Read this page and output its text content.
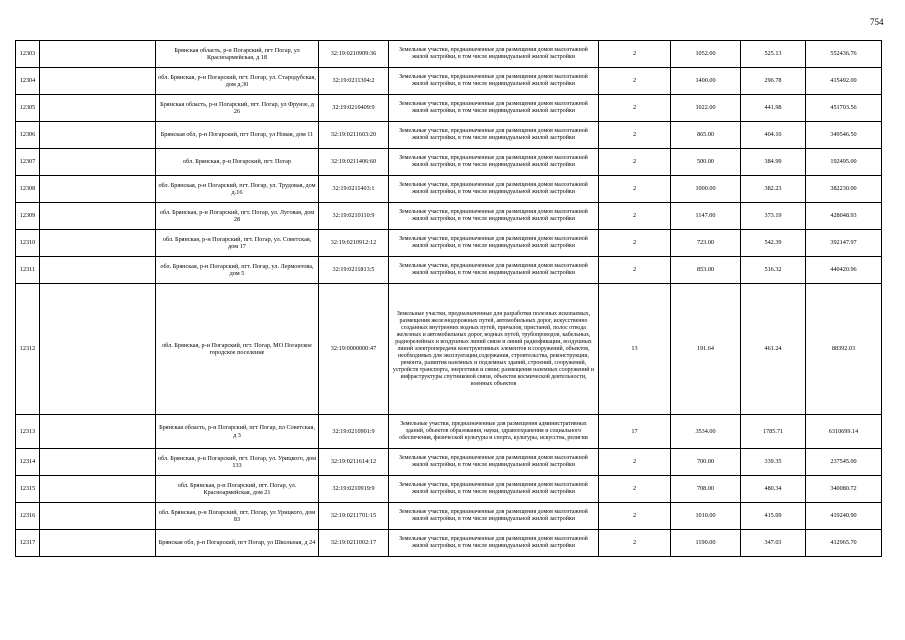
754
12303		Брянская область, р-н Погарский, пгт Погар, ул Красноармейская, д 18	32:19:0210909:36	Земельные участки, предназначенные для размещения домов малоэтажной жилой застройки, в том числе индивидуальной жилой застройки	2	1052.00	525.13	552436.76
12304		обл. Брянская, р-н Погарский, пгт. Погар, ул. Стародубская, дом д.30	32:19:0211304:2	Земельные участки, предназначенные для размещения домов малоэтажной жилой застройки, в том числе индивидуальной жилой застройки	2	1400.00	296.78	415492.00
12305		Брянская область, р-н Погарский, пгт. Погар, ул Фрунзе, д 26	32:19:0210409:9	Земельные участки, предназначенные для размещения домов малоэтажной жилой застройки, в том числе индивидуальной жилой застройки	2	1022.00	441.98	451703.56
12306		Брянская обл, р-н Погарский, пгт Погар, ул Новая, дом 11	32:19:0211603:20	Земельные участки, предназначенные для размещения домов малоэтажной жилой застройки, в том числе индивидуальной жилой застройки	2	865.00	404.10	349546.50
12307		обл. Брянская, р-н Погарский, пгт. Погар	32:19:0211406:60	Земельные участки, предназначенные для размещения домов малоэтажной жилой застройки, в том числе индивидуальной жилой застройки	2	500.00	384.99	192495.00
12308		обл. Брянская, р-н Погарский, пгт. Погар, ул. Трудовая, дом д.16	32:19:0211403:1	Земельные участки, предназначенные для размещения домов малоэтажной жилой застройки, в том числе индивидуальной жилой застройки	2	1000.00	382.23	382230.00
12309		обл. Брянская, р-н Погарский, пгт. Погар, ул. Луговая, дом 28	32:19:0210110:9	Земельные участки, предназначенные для размещения домов малоэтажной жилой застройки, в том числе индивидуальной жилой застройки	2	1147.00	373.19	428048.93
12310		обл. Брянская, р-н Погарский, пгт. Погар, ул. Советская, дом 17	32:19:0210912:12	Земельные участки, предназначенные для размещения домов малоэтажной жилой застройки, в том числе индивидуальной жилой застройки	2	723.00	542.39	392147.97
12311		обл. Брянская, р-н Погарский, пгт. Погар, ул. Лермонтова, дом 5	32:19:0211813:5	Земельные участки, предназначенные для размещения домов малоэтажной жилой застройки, в том числе индивидуальной жилой застройки	2	853.00	516.32	440420.96
12312		обл. Брянская, р-н Погарский, пгт. Погар, МО Погарское городское поселение	32:19:0000000:47	Земельные участки, предназначенные для разработки полезных ископаемых, размещения железнодорожных путей, автомобильных дорог, искусственно созданных внутренних водных путей, причалов, пристаней, полос отвода железных и автомобильных дорог, водных путей, трубопроводов, кабельных, радиорелейных и воздушных линий связи и линий радиофикации, воздушных линий электропередачи конструктивных элементов и сооружений, объектов, необходимых для эксплуатации,содержания, строительства, реконструкции, ремонта, развития наземных и подземных зданий, строений, сооружений, устройств транспорта, энергетики и связи; размещения наземных сооружений и инфраструктуры спутниковой связи, объектов космической деятельности, военных объектов	13	191.64	461.24	88392.03
12313		Брянская область, р-н Погарский, пгт Погар, пл Советская, д 3	32:19:0210901:9	Земельные участки, предназначенные для размещения административных зданий, объектов образования, науки, здравоохранения и социального обеспечения, физической культуры и спорта, культуры, искусства, религии	17	3534.00	1785.71	6310699.14
12314		обл. Брянская, р-н Погарский, пгт. Погар, ул. Урицкого, дом 133	32:19:0211614:12	Земельные участки, предназначенные для размещения домов малоэтажной жилой застройки, в том числе индивидуальной жилой застройки	2	700.00	339.35	237545.00
12315		обл. Брянская, р-н Погарский, пгт. Погар, ул. Красноармейская, дом 21	32:19:0210919:9	Земельные участки, предназначенные для размещения домов малоэтажной жилой застройки, в том числе индивидуальной жилой застройки	2	708.00	480.34	340080.72
12316		обл. Брянская, р-н Погарский, пгт. Погар, ул Урицкого, дом 83	32:19:0211701:15	Земельные участки, предназначенные для размещения домов малоэтажной жилой застройки, в том числе индивидуальной жилой застройки	2	1010.00	415.09	419240.90
12317		Брянская обл, р-н Погарский, пгт Погар, ул Школьная, д 24	32:19:0211002:17	Земельные участки, предназначенные для размещения домов малоэтажной жилой застройки, в том числе индивидуальной жилой застройки	2	1190.00	347.03	412965.70
